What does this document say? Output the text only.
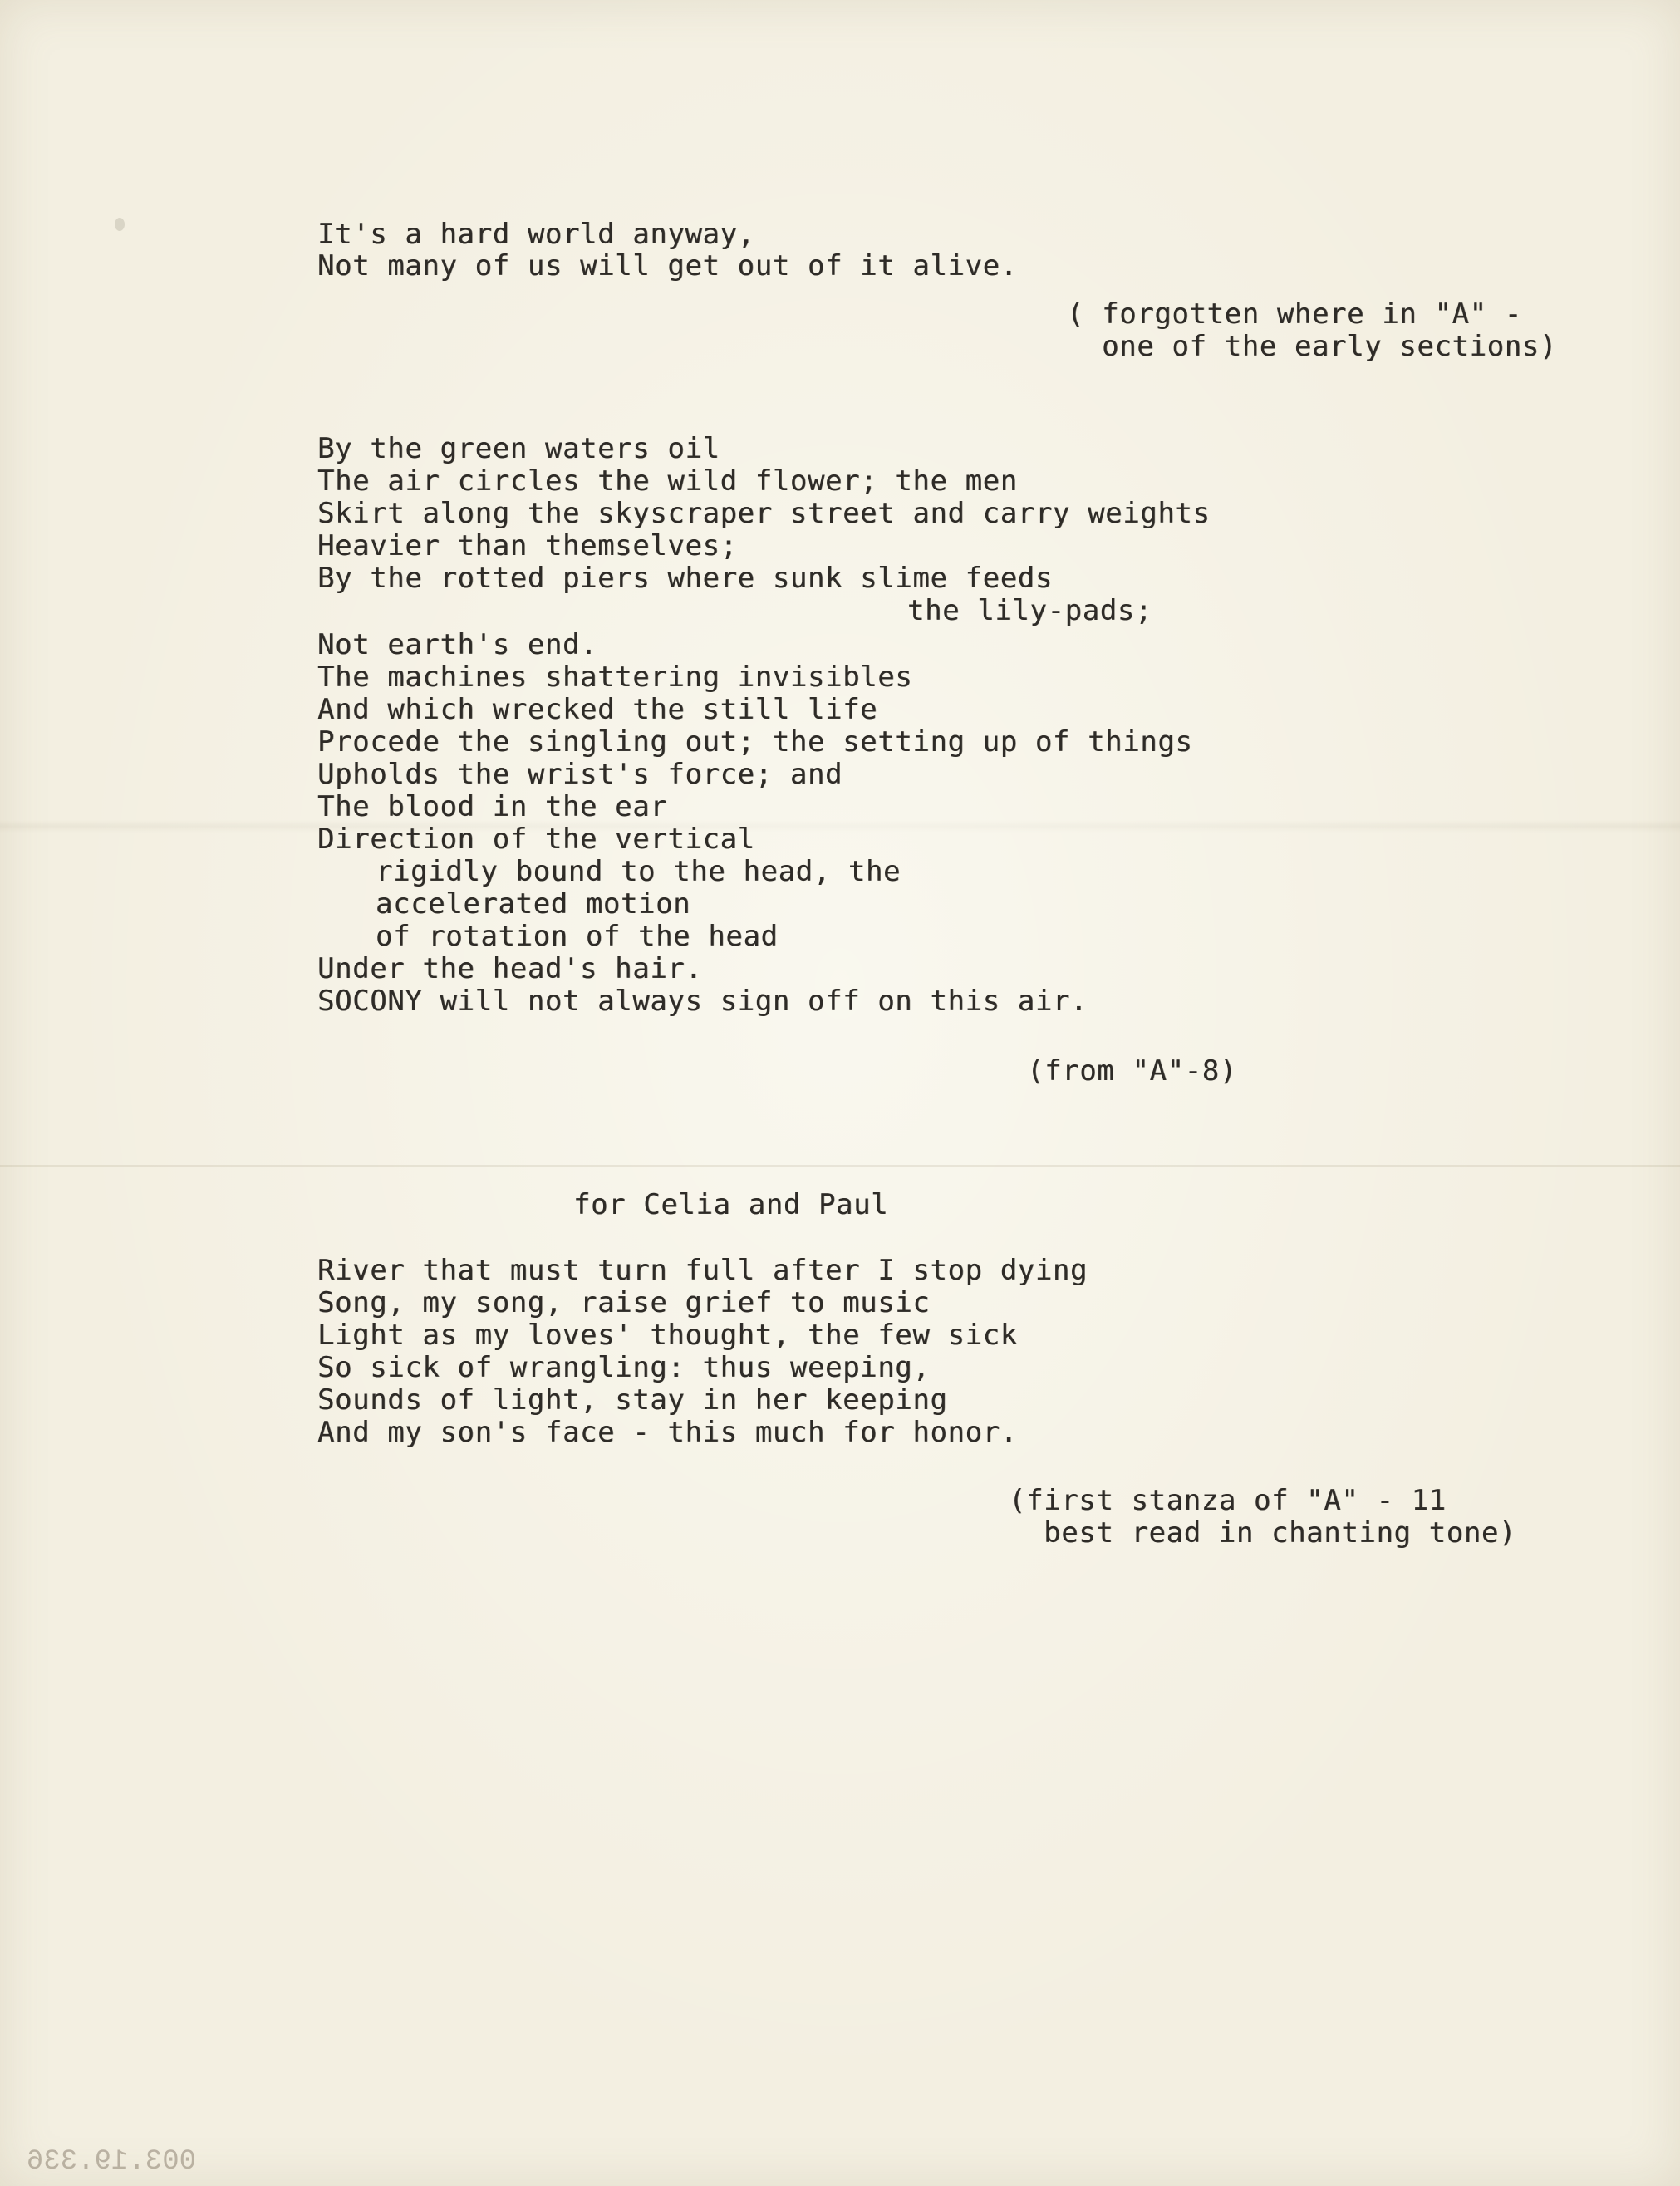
It's a hard world anyway,
Not many of us will get out of it alive.
( forgotten where in "A" -
one of the early sections)
By the green waters oil
The air circles the wild flower; the men
Skirt along the skyscraper street and carry weights
Heavier than themselves;
By the rotted piers where sunk slime feeds
the lily-pads;
Not earth's end.
The machines shattering invisibles
And which wrecked the still life
Procede the singling out; the setting up of things
Upholds the wrist's force; and
The blood in the ear
Direction of the vertical
rigidly bound to the head, the
accelerated motion
of rotation of the head
Under the head's hair.
SOCONY will not always sign off on this air.
(from "A"-8)
for Celia and Paul
River that must turn full after I stop dying
Song, my song, raise grief to music
Light as my loves' thought, the few sick
So sick of wrangling: thus weeping,
Sounds of light, stay in her keeping
And my son's face - this much for honor.
(first stanza of "A" - 11
best read in chanting tone)
003.19.336
